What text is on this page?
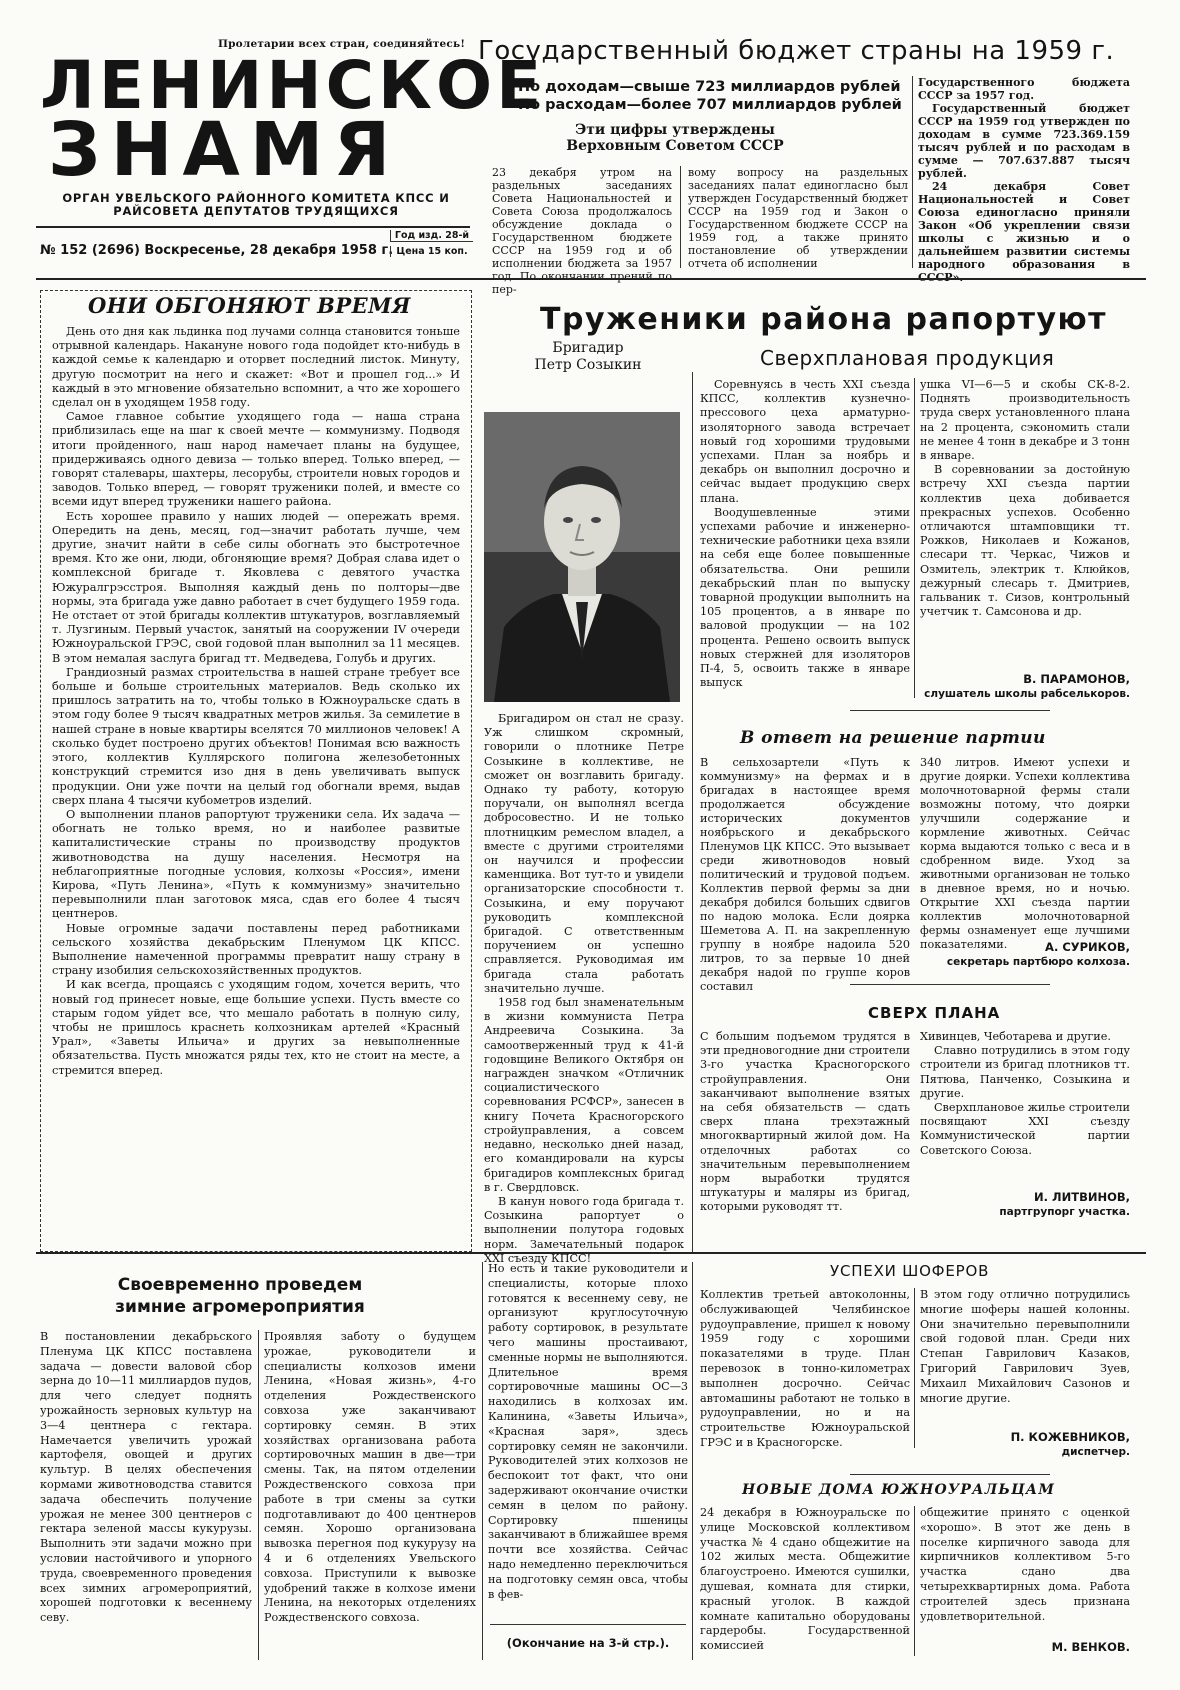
Пролетарии всех стран, соединяйтесь!
ЛЕНИНСКОЕ
ЗНАМЯ
ОРГАН УВЕЛЬСКОГО РАЙОННОГО КОМИТЕТА КПСС И РАЙСОВЕТА ДЕПУТАТОВ ТРУДЯЩИХСЯ
№ 152 (2696) Воскресенье, 28 декабря 1958 г.
Год изд. 28-й
Цена 15 коп.
Государственный бюджет страны на 1959 г.
По доходам—свыше 723 миллиардов рублей
По расходам—более 707 миллиардов рублей
Эти цифры утверждены
Верховным Советом СССР
23 декабря утром на раздельных заседаниях Совета Национальностей и Совета Союза продолжалось обсуждение доклада о Государственном бюджете СССР на 1959 год и об исполнении бюджета за 1957 год. По окончании прений по пер-
вому вопросу на раздельных заседаниях палат единогласно был утвержден Государственный бюджет СССР на 1959 год и Закон о Государственном бюджете СССР на 1959 год, а также принято постановление об утверждении отчета об исполнении

Государственного бюджета СССР за 1957 год.

Государственный бюджет СССР на 1959 год утвержден по доходам в сумме 723.369.159 тысяч рублей и по расходам в сумме — 707.637.887 тысяч рублей.

24 декабря Совет Национальностей и Совет Союза единогласно приняли Закон «Об укреплении связи школы с жизнью и о дальнейшем развитии системы народного образования в СССР».

ОНИ ОБГОНЯЮТ ВРЕМЯ

День ото дня как льдинка под лучами солнца становится тоньше отрывной календарь. Накануне нового года подойдет кто-нибудь в каждой семье к календарю и оторвет последний листок. Минуту, другую посмотрит на него и скажет: «Вот и прошел год...» И каждый в это мгновение обязательно вспомнит, а что же хорошего сделал он в уходящем 1958 году.

Самое главное событие уходящего года — наша страна приблизилась еще на шаг к своей мечте — коммунизму. Подводя итоги пройденного, наш народ намечает планы на будущее, придерживаясь одного девиза — только вперед. Только вперед, — говорят сталевары, шахтеры, лесорубы, строители новых городов и заводов. Только вперед, — говорят труженики полей, и вместе со всеми идут вперед труженики нашего района.

Есть хорошее правило у наших людей — опережать время. Опередить на день, месяц, год—значит работать лучше, чем другие, значит найти в себе силы обогнать это быстротечное время. Кто же они, люди, обгоняющие время? Добрая слава идет о комплексной бригаде т. Яковлева с девятого участка Южуралгрэсстроя. Выполняя каждый день по полторы—две нормы, эта бригада уже давно работает в счет будущего 1959 года. Не отстает от этой бригады коллектив штукатуров, возглавляемый т. Лузгиным. Первый участок, занятый на сооружении IV очереди Южноуральской ГРЭС, свой годовой план выполнил за 11 месяцев. В этом немалая заслуга бригад тт. Медведева, Голубь и других.

Грандиозный размах строительства в нашей стране требует все больше и больше строительных материалов. Ведь сколько их пришлось затратить на то, чтобы только в Южноуральске сдать в этом году более 9 тысяч квадратных метров жилья. За семилетие в нашей стране в новые квартиры вселятся 70 миллионов человек! А сколько будет построено других объектов! Понимая всю важность этого, коллектив Куллярского полигона железобетонных конструкций стремится изо дня в день увеличивать выпуск продукции. Они уже почти на целый год обогнали время, выдав сверх плана 4 тысячи кубометров изделий.

О выполнении планов рапортуют труженики села. Их задача — обогнать не только время, но и наиболее развитые капиталистические страны по производству продуктов животноводства на душу населения. Несмотря на неблагоприятные погодные условия, колхозы «Россия», имени Кирова, «Путь Ленина», «Путь к коммунизму» значительно перевыполнили план заготовок мяса, сдав его более 4 тысяч центнеров.

Новые огромные задачи поставлены перед работниками сельского хозяйства декабрьским Пленумом ЦК КПСС. Выполнение намеченной программы превратит нашу страну в страну изобилия сельскохозяйственных продуктов.

И как всегда, прощаясь с уходящим годом, хочется верить, что новый год принесет новые, еще большие успехи. Пусть вместе со старым годом уйдет все, что мешало работать в полную силу, чтобы не пришлось краснеть колхозникам артелей «Красный Урал», «Заветы Ильича» и других за невыполненные обязательства. Пусть множатся ряды тех, кто не стоит на месте, а стремится вперед.

Труженики района рапортуют
Бригадир
Петр Созыкин

Бригадиром он стал не сразу. Уж слишком скромный, говорили о плотнике Петре Созыкине в коллективе, не сможет он возглавить бригаду. Однако ту работу, которую поручали, он выполнял всегда добросовестно. И не только плотницким ремеслом владел, а вместе с другими строителями он научился и профессии каменщика. Вот тут-то и увидели организаторские способности т. Созыкина, и ему поручают руководить комплексной бригадой. С ответственным поручением он успешно справляется. Руководимая им бригада стала работать значительно лучше.

1958 год был знаменательным в жизни коммуниста Петра Андреевича Созыкина. За самоотверженный труд к 41-й годовщине Великого Октября он награжден значком «Отличник социалистического соревнования РСФСР», занесен в книгу Почета Красногорского стройуправления, а совсем недавно, несколько дней назад, его командировали на курсы бригадиров комплексных бригад в г. Свердловск.

В канун нового года бригада т. Созыкина рапортует о выполнении полутора годовых норм. Замечательный подарок XXI съезду КПСС!

Сверхплановая продукция

Соревнуясь в честь XXI съезда КПСС, коллектив кузнечно-прессового цеха арматурно-изоляторного завода встречает новый год хорошими трудовыми успехами. План за ноябрь и декабрь он выполнил досрочно и сейчас выдает продукцию сверх плана.

Воодушевленные этими успехами рабочие и инженерно-технические работники цеха взяли на себя еще более повышенные обязательства. Они решили декабрьский план по выпуску товарной продукции выполнить на 105 процентов, а в январе по валовой продукции — на 102 процента. Решено освоить выпуск новых стержней для изоляторов П-4, 5, освоить также в январе выпуск

ушка VI—6—5 и скобы СК-8-2. Поднять производительность труда сверх установленного плана на 2 процента, сэкономить стали не менее 4 тонн в декабре и 3 тонн в январе.

В соревновании за достойную встречу XXI съезда партии коллектив цеха добивается прекрасных успехов. Особенно отличаются штамповщики тт. Рожков, Николаев и Кожанов, слесари тт. Черкас, Чижов и Озмитель, электрик т. Клюйков, дежурный слесарь т. Дмитриев, гальваник т. Сизов, контрольный учетчик т. Самсонова и др.

В. ПАРАМОНОВ,
слушатель школы рабселькоров.
В ответ на решение партии
В сельхозартели «Путь к коммунизму» на фермах и в бригадах в настоящее время продолжается обсуждение исторических документов ноябрьского и декабрьского Пленумов ЦК КПСС. Это вызывает среди животноводов новый политический и трудовой подъем. Коллектив первой фермы за дни декабря добился больших сдвигов по надою молока. Если доярка Шеметова А. П. на закрепленную группу в ноябре надоила 520 литров, то за первые 10 дней декабря надой по группе коров составил
340 литров. Имеют успехи и другие доярки. Успехи коллектива молочнотоварной фермы стали возможны потому, что доярки улучшили содержание и кормление животных. Сейчас корма выдаются только с веса и в сдобренном виде. Уход за животными организован не только в дневное время, но и ночью. Открытие XXI съезда партии коллектив молочнотоварной фермы ознаменует еще лучшими показателями.	А. СУРИКОВ,
секретарь партбюро колхоза.
СВЕРХ ПЛАНА
С большим подъемом трудятся в эти предновогодние дни строители 3-го участка Красногорского стройуправления. Они заканчивают выполнение взятых на себя обязательств — сдать сверх плана трехэтажный многоквартирный жилой дом. На отделочных работах со значительным перевыполнением норм выработки трудятся штукатуры и маляры из бригад, которыми руководят тт.

Хивинцев, Чеботарева и другие.

Славно потрудились в этом году строители из бригад плотников тт. Пятюва, Панченко, Созыкина и другие.

Сверхплановое жилье строители посвящают XXI съезду Коммунистической партии Советского Союза.

И. ЛИТВИНОВ,
партгрупорг участка.
Своевременно проведем
зимние агромероприятия
В постановлении декабрьского Пленума ЦК КПСС поставлена задача — довести валовой сбор зерна до 10—11 миллиардов пудов, для чего следует поднять урожайность зерновых культур на 3—4 центнера с гектара. Намечается увеличить урожай картофеля, овощей и других культур. В целях обеспечения кормами животноводства ставится задача обеспечить получение урожая не менее 300 центнеров с гектара зеленой массы кукурузы. Выполнить эти задачи можно при условии настойчивого и упорного труда, своевременного проведения всех зимних агромероприятий, хорошей подготовки к весеннему севу.
Проявляя заботу о будущем урожае, руководители и специалисты колхозов имени Ленина, «Новая жизнь», 4-го отделения Рождественского совхоза уже заканчивают сортировку семян. В этих хозяйствах организована работа сортировочных машин в две—три смены. Так, на пятом отделении Рождественского совхоза при работе в три смены за сутки подготавливают до 400 центнеров семян. Хорошо организована вывозка перегноя под кукурузу на 4 и 6 отделениях Увельского совхоза. Приступили к вывозке удобрений также в колхозе имени Ленина, на некоторых отделениях Рождественского совхоза.
Но есть и такие руководители и специалисты, которые плохо готовятся к весеннему севу, не организуют круглосуточную работу сортировок, в результате чего машины простаивают, сменные нормы не выполняются. Длительное время сортировочные машины ОС—3 находились в колхозах им. Калинина, «Заветы Ильича», «Красная заря», здесь сортировку семян не закончили. Руководителей этих колхозов не беспокоит тот факт, что они задерживают окончание очистки семян в целом по району. Сортировку пшеницы заканчивают в ближайшее время почти все хозяйства. Сейчас надо немедленно переключиться на подготовку семян овса, чтобы в фев-
(Окончание на 3-й стр.).
УСПЕХИ ШОФЕРОВ
Коллектив третьей автоколонны, обслуживающей Челябинское рудоуправление, пришел к новому 1959 году с хорошими показателями в труде. План перевозок в тонно-километрах выполнен досрочно. Сейчас автомашины работают не только в рудоуправлении, но и на строительстве Южноуральской ГРЭС и в Красногорске.
В этом году отлично потрудились многие шоферы нашей колонны. Они значительно перевыполнили свой годовой план. Среди них Степан Гаврилович Казаков, Григорий Гаврилович Зуев, Михаил Михайлович Сазонов и многие другие.
П. КОЖЕВНИКОВ,
диспетчер.
НОВЫЕ ДОМА ЮЖНОУРАЛЬЦАМ
24 декабря в Южноуральске по улице Московской коллективом участка № 4 сдано общежитие на 102 жилых места. Общежитие благоустроено. Имеются сушилки, душевая, комната для стирки, красный уголок. В каждой комнате капитально оборудованы гардеробы. Государственной комиссией
общежитие принято с оценкой «хорошо». В этот же день в поселке кирпичного завода для кирпичников коллективом 5-го участка сдано два четырехквартирных дома. Работа строителей здесь признана удовлетворительной.
М. ВЕНКОВ.
